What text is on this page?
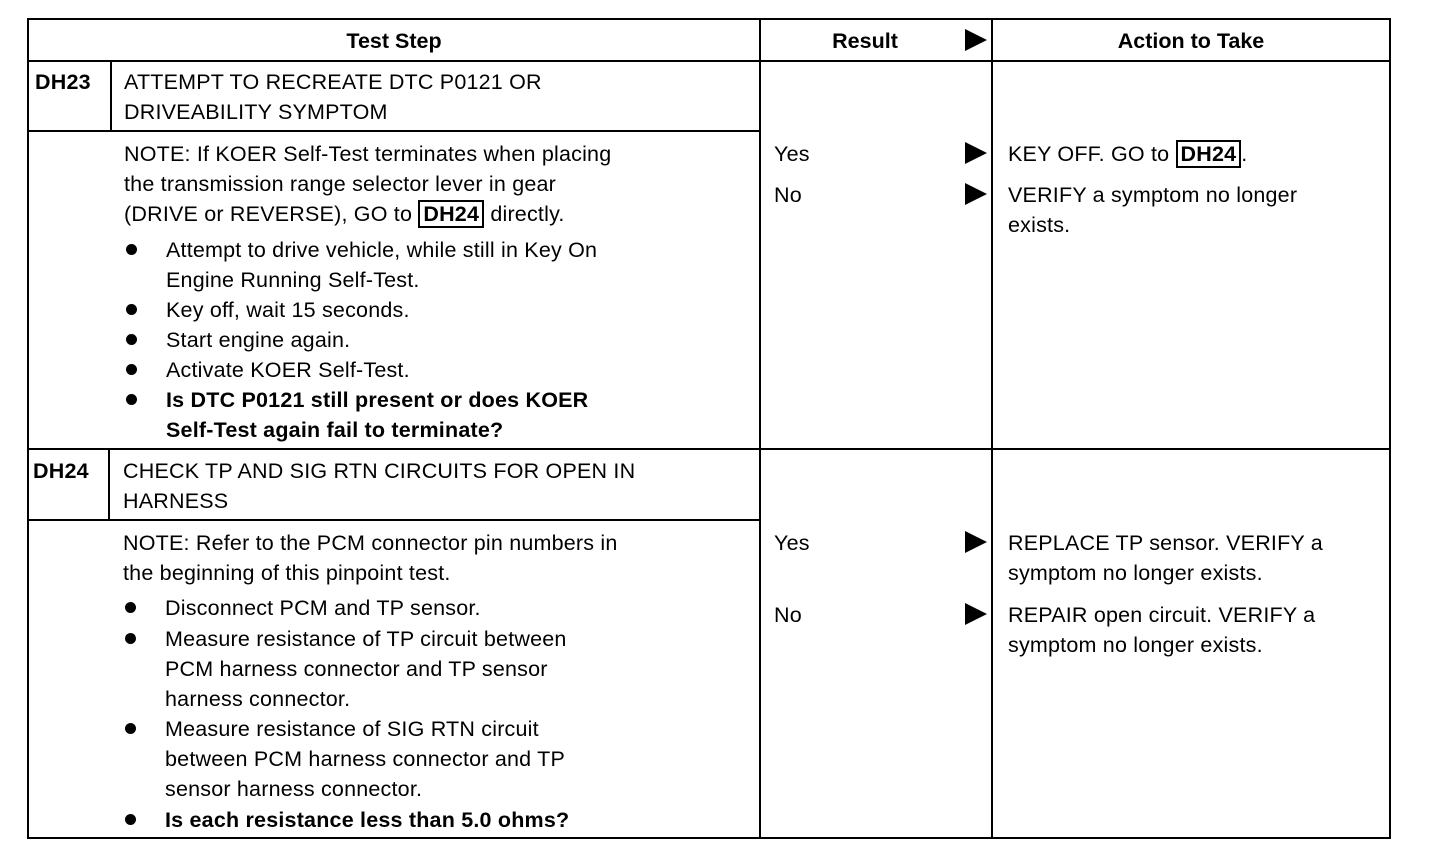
Test Step	Result	Action to Take
DH23 ATTEMPT TO RECREATE DTC P0121 OR
DRIVEABILITY SYMPTOM
NOTE: If KOER Self-Test terminates when placing
the transmission range selector lever in gear
(DRIVE or REVERSE), GO to DH24 directly.
Attempt to drive vehicle, while still in Key On
Engine Running Self-Test.
Key off, wait 15 seconds.
Start engine again.
Activate KOER Self-Test.
Is DTC P0121 still present or does KOER
Self-Test again fail to terminate?
Yes
No
KEY OFF. GO to DH24 .
VERIFY a symptom no longer
exists.
DH24 CHECK TP AND SIG RTN CIRCUITS FOR OPEN IN
HARNESS
NOTE: Refer to the PCM connector pin numbers in
the beginning of this pinpoint test.
Disconnect PCM and TP sensor.
Measure resistance of TP circuit between
PCM harness connector and TP sensor
harness connector.
Measure resistance of SIG RTN circuit
between PCM harness connector and TP
sensor harness connector.
Is each resistance less than 5.0 ohms?
Yes
No
REPLACE TP sensor. VERIFY a
symptom no longer exists.
REPAIR open circuit. VERIFY a
symptom no longer exists.
